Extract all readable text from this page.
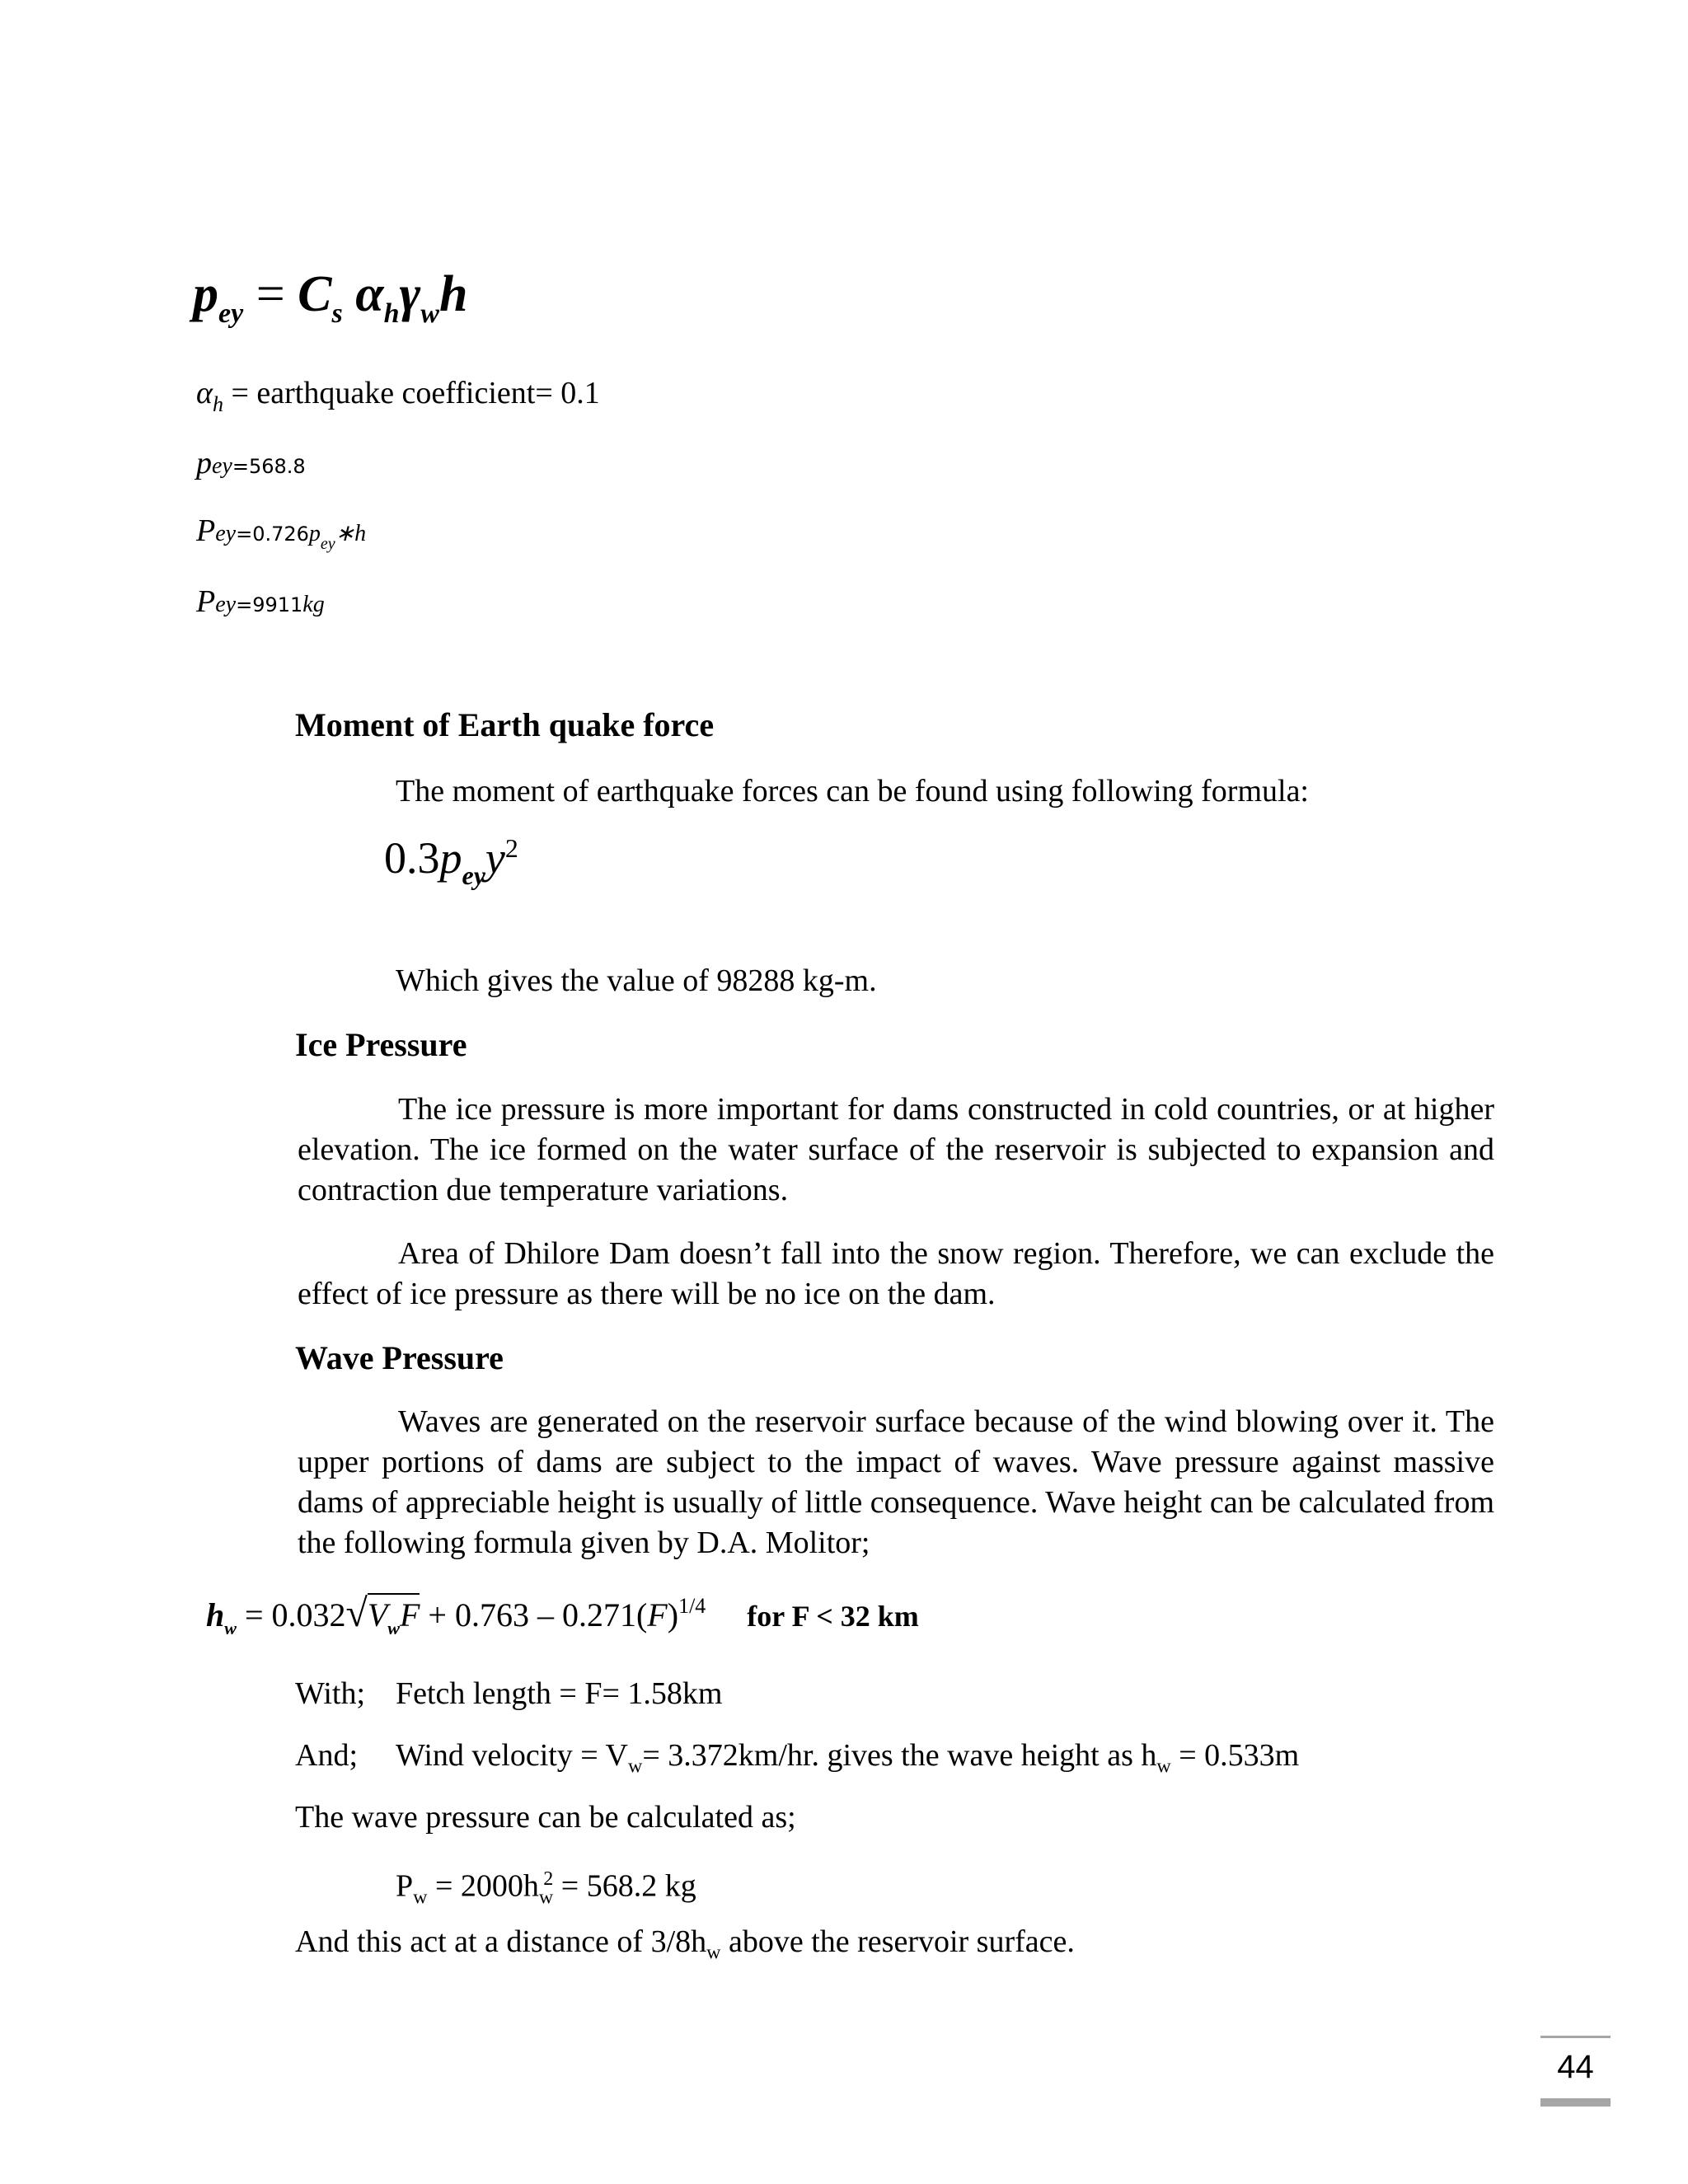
$p_{ey} = C_s$ $\alpha_h\gamma_wh$
$\alpha_h$ = earthquake coefficient= 0.1
pey=568.8
$Pey=0.726p_{ey}∗h$
Pey=9911kg
Moment of Earth quake force
The moment of earthquake forces can be found using following formula:
$0.3p_{ey}y^2$
Which gives the value of 98288 kg-m.
Ice Pressure
The ice pressure is more important for dams constructed in cold countries, or at higher elevation. The ice formed on the water surface of the reservoir is subjected to expansion and contraction due temperature variations.
Area of Dhilore Dam doesn’t fall into the snow region. Therefore, we can exclude the effect of ice pressure as there will be no ice on the dam.
Wave Pressure
Waves are generated on the reservoir surface because of the wind blowing over it. The upper portions of dams are subject to the impact of waves. Wave pressure against massive dams of appreciable height is usually of little consequence. Wave height can be calculated from the following formula given by D.A. Molitor;
$h_w = 0.032√V_wF + 0.763 - 0.271(F)^{1/4}$ for F < 32 km
With; Fetch length = F= 1.58km
And; Wind velocity = $V_w= 3.372km/hr$. gives the wave height as $h_w = 0.533m$
The wave pressure can be calculated as;
$P_w = 2000h_w^2 = 568.2$ kg
And this act at a distance of $3/8h_w$ above the reservoir surface.
44
